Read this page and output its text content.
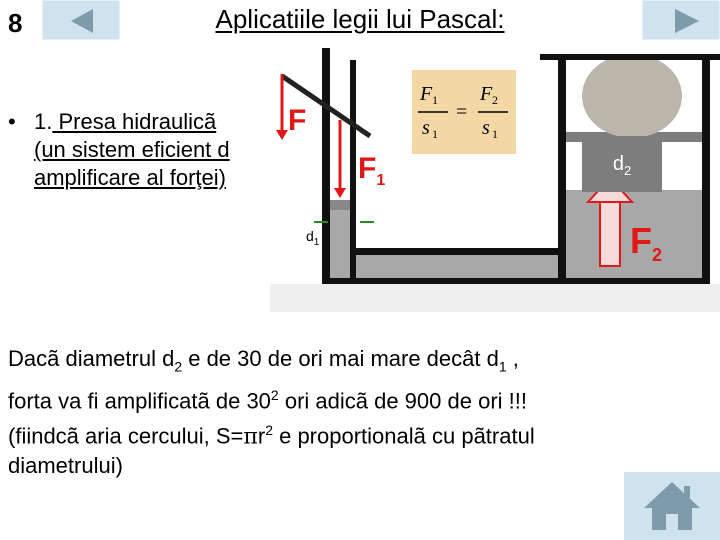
8	Aplicatiile legii lui Pascal:
• 1. Presa hidraulicã
(un sistem eficient d
amplificare al forţei)
F 1
s 1
=
F 2
s 1
$d_2$
$d_1$
F
$F_1$
$F_2$
Dacã diametrul $d_2$ e de 30 de ori mai mare decât $d_1$ ,
forta va fi amplificatã de $30^2$ ori adicã de 900 de ori !!!
(fiindcã aria cercului, $S=\pi r^2$ e proportionalã cu pãtratul
diametrului)
